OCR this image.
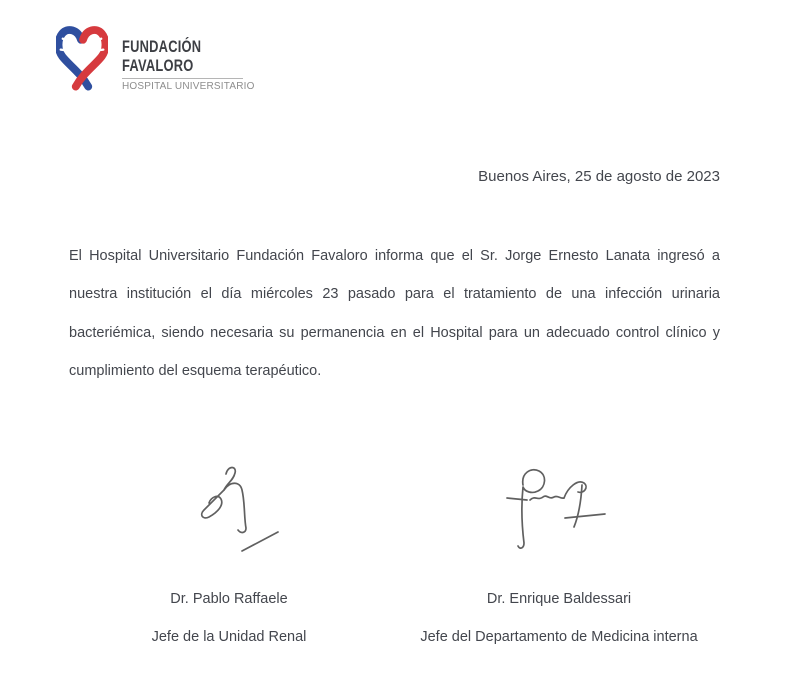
FUNDACIÓN
FAVALORO
HOSPITAL UNIVERSITARIO
Buenos Aires, 25 de agosto de 2023
El Hospital Universitario Fundación Favaloro informa que el Sr. Jorge Ernesto Lanata ingresó a
nuestra institución el día miércoles 23 pasado para el tratamiento de una infección urinaria
bacteriémica, siendo necesaria su permanencia en el Hospital para un adecuado control clínico y
cumplimiento del esquema terapéutico.
Dr. Pablo Raffaele
Jefe de la Unidad Renal
Dr. Enrique Baldessari
Jefe del Departamento de Medicina interna
